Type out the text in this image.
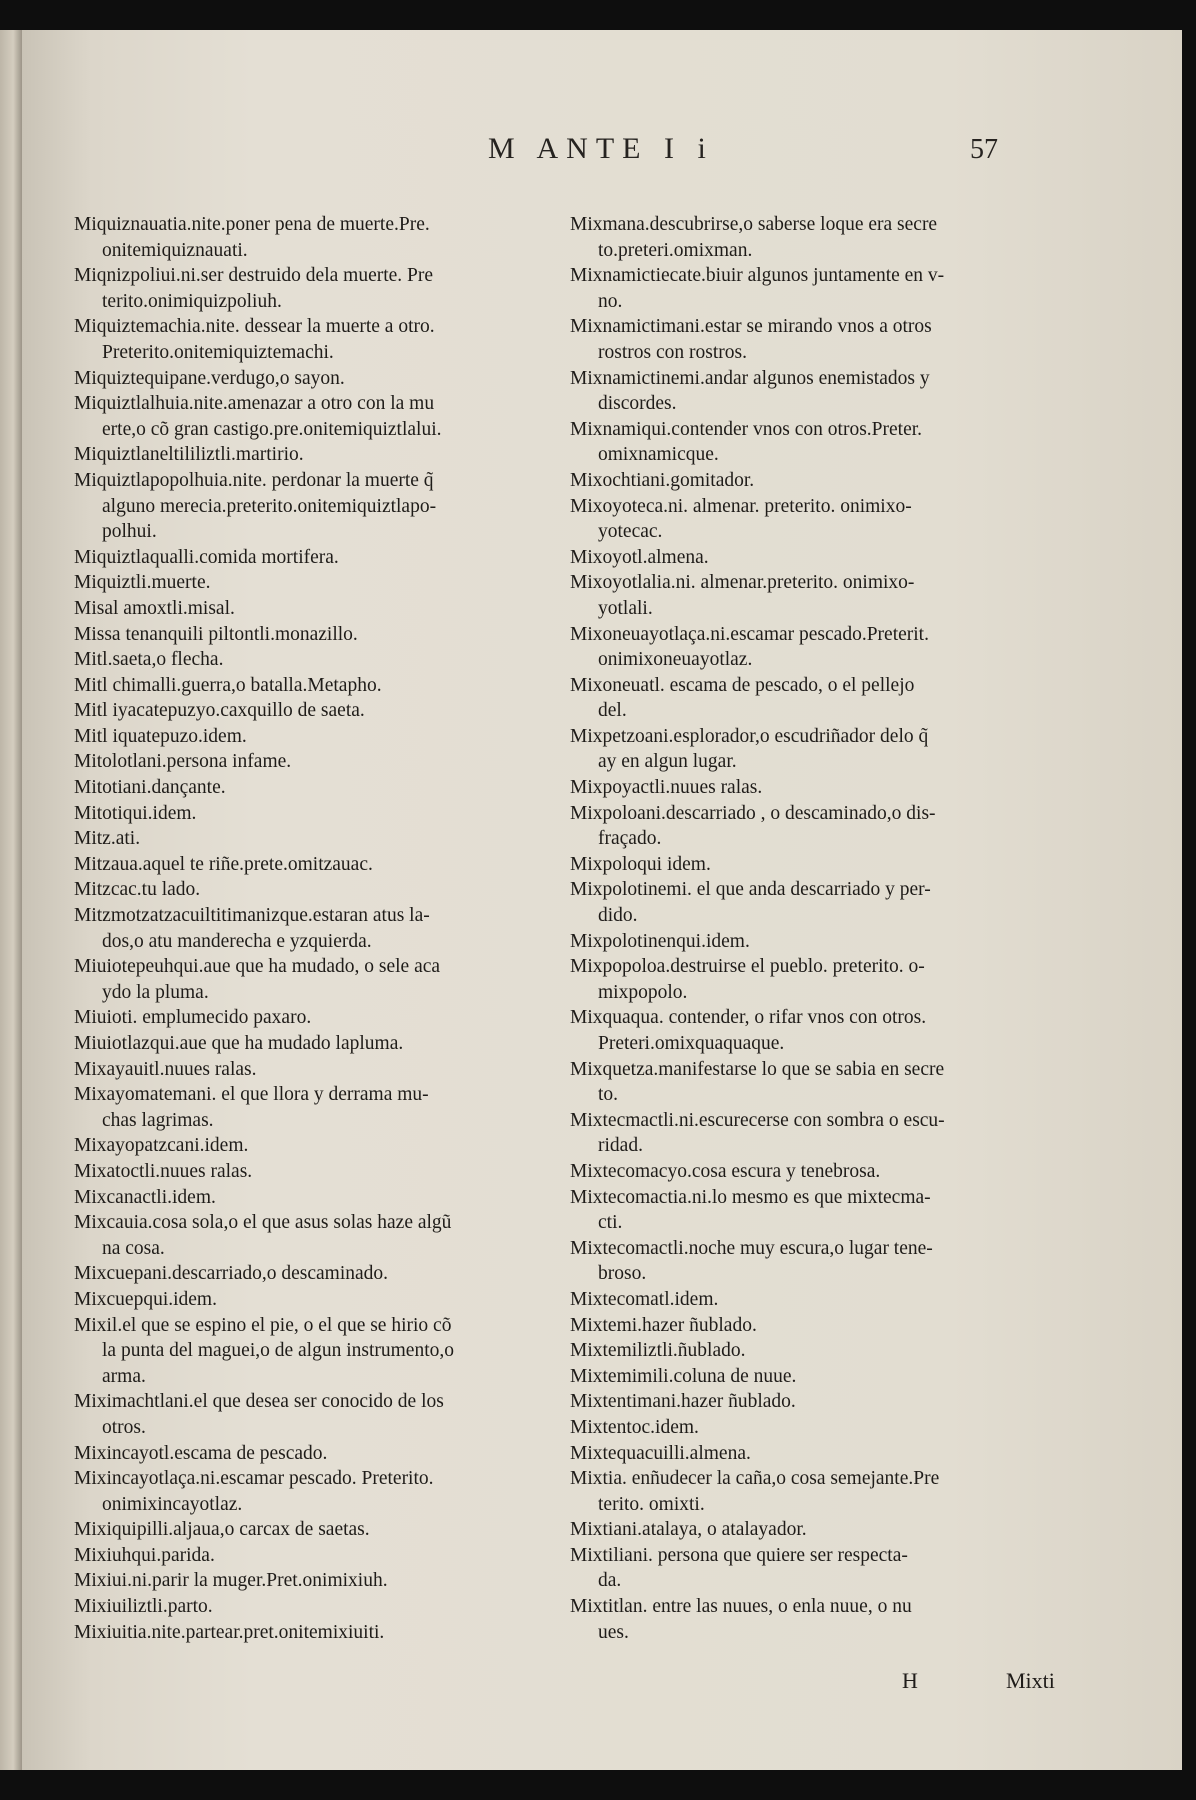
M ANTE I i	57
Miquiznauatia.nite.poner pena de muerte.Pre.
onitemiquiznauati.
Miqnizpoliui.ni.ser destruido dela muerte. Pre
terito.onimiquizpoliuh.
Miquiztemachia.nite. dessear la muerte a otro.
Preterito.onitemiquiztemachi.
Miquiztequipane.verdugo,o sayon.
Miquiztlalhuia.nite.amenazar a otro con la mu
erte,o cõ gran castigo.pre.onitemiquiztlalui.
Miquiztlaneltililiztli.martirio.
Miquiztlapopolhuia.nite. perdonar la muerte q̃
alguno merecia.preterito.onitemiquiztlapo-
polhui.
Miquiztlaqualli.comida mortifera.
Miquiztli.muerte.
Misal amoxtli.misal.
Missa tenanquili piltontli.monazillo.
Mitl.saeta,o flecha.
Mitl chimalli.guerra,o batalla.Metapho.
Mitl iyacatepuzyo.caxquillo de saeta.
Mitl iquatepuzo.idem.
Mitolotlani.persona infame.
Mitotiani.dançante.
Mitotiqui.idem.
Mitz.ati.
Mitzaua.aquel te riñe.prete.omitzauac.
Mitzcac.tu lado.
Mitzmotzatzacuiltitimanizque.estaran atus la-
dos,o atu manderecha e yzquierda.
Miuiotepeuhqui.aue que ha mudado, o sele aca
ydo la pluma.
Miuioti. emplumecido paxaro.
Miuiotlazqui.aue que ha mudado lapluma.
Mixayauitl.nuues ralas.
Mixayomatemani. el que llora y derrama mu-
chas lagrimas.
Mixayopatzcani.idem.
Mixatoctli.nuues ralas.
Mixcanactli.idem.
Mixcauia.cosa sola,o el que asus solas haze algũ
na cosa.
Mixcuepani.descarriado,o descaminado.
Mixcuepqui.idem.
Mixil.el que se espino el pie, o el que se hirio cõ
la punta del maguei,o de algun instrumento,o
arma.
Miximachtlani.el que desea ser conocido de los
otros.
Mixincayotl.escama de pescado.
Mixincayotlaça.ni.escamar pescado. Preterito.
onimixincayotlaz.
Mixiquipilli.aljaua,o carcax de saetas.
Mixiuhqui.parida.
Mixiui.ni.parir la muger.Pret.onimixiuh.
Mixiuiliztli.parto.
Mixiuitia.nite.partear.pret.onitemixiuiti.
Mixmana.descubrirse,o saberse loque era secre
to.preteri.omixman.
Mixnamictiecate.biuir algunos juntamente en v-
no.
Mixnamictimani.estar se mirando vnos a otros
rostros con rostros.
Mixnamictinemi.andar algunos enemistados y
discordes.
Mixnamiqui.contender vnos con otros.Preter.
omixnamicque.
Mixochtiani.gomitador.
Mixoyoteca.ni. almenar. preterito. onimixo-
yotecac.
Mixoyotl.almena.
Mixoyotlalia.ni. almenar.preterito. onimixo-
yotlali.
Mixoneuayotlaça.ni.escamar pescado.Preterit.
onimixoneuayotlaz.
Mixoneuatl. escama de pescado, o el pellejo
del.
Mixpetzoani.esplorador,o escudriñador delo q̃
ay en algun lugar.
Mixpoyactli.nuues ralas.
Mixpoloani.descarriado , o descaminado,o dis-
fraçado.
Mixpoloqui idem.
Mixpolotinemi. el que anda descarriado y per-
dido.
Mixpolotinenqui.idem.
Mixpopoloa.destruirse el pueblo. preterito. o-
mixpopolo.
Mixquaqua. contender, o rifar vnos con otros.
Preteri.omixquaquaque.
Mixquetza.manifestarse lo que se sabia en secre
to.
Mixtecmactli.ni.escurecerse con sombra o escu-
ridad.
Mixtecomacyo.cosa escura y tenebrosa.
Mixtecomactia.ni.lo mesmo es que mixtecma-
cti.
Mixtecomactli.noche muy escura,o lugar tene-
broso.
Mixtecomatl.idem.
Mixtemi.hazer ñublado.
Mixtemiliztli.ñublado.
Mixtemimili.coluna de nuue.
Mixtentimani.hazer ñublado.
Mixtentoc.idem.
Mixtequacuilli.almena.
Mixtia. enñudecer la caña,o cosa semejante.Pre
terito. omixti.
Mixtiani.atalaya, o atalayador.
Mixtiliani. persona que quiere ser respecta-
da.
Mixtitlan. entre las nuues, o enla nuue, o nu
ues.
H	Mixti
